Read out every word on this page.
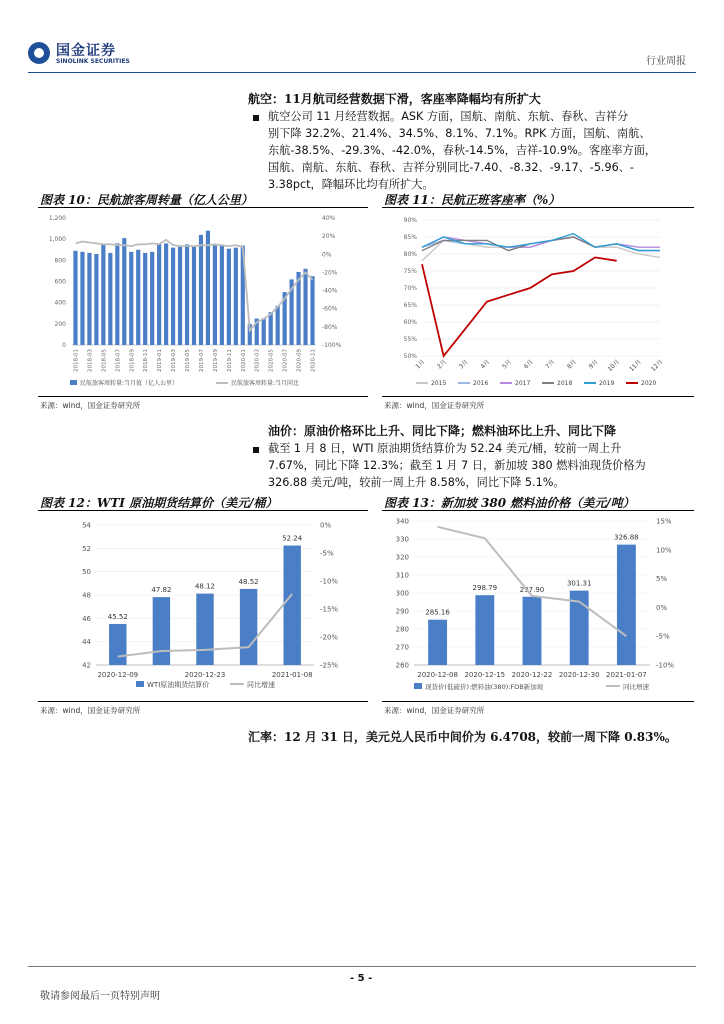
国金证券
SINOLINK SECURITIES	行业周报
航空：11月航司经营数据下滑，客座率降幅均有所扩大
航空公司 11 月经营数据。ASK 方面，国航、南航、东航、春秋、吉祥分
别下降 32.2%、21.4%、34.5%、8.1%、7.1%。RPK 方面，国航、南航、
东航-38.5%、-29.3%、-42.0%，春秋-14.5%，吉祥-10.9%。客座率方面，
国航、南航、东航、春秋、吉祥分别同比-7.40、-8.32、-9.17、-5.96、-
3.38pct，降幅环比均有所扩大。
图表 10：民航旅客周转量（亿人公里）
0
200
400
600
800
1,000
1,200
-100%
-80%
-60%
-40%
-20%
0%
20%
40%
2018-01 2018-03 2018-05 2018-07 2018-09 2018-11 2019-01 2019-03 2019-05 2019-07 2019-09 2019-11 2020-01 2020-03 2020-05 2020-07 2020-09 2020-11
民航旅客周转量:当月值（亿人公里）	民航旅客周转量:当月同比
来源：wind，国金证券研究所
图表 11：民航正班客座率（%）
50%
55%
60%
65%
70%
75%
80%
85%
90%
1月 2月 3月 4月 5月 6月 7月 8月 9月 10月 11月 12月
2015	2016	2017	2018	2019	2020
来源：wind，国金证券研究所
油价：原油价格环比上升、同比下降；燃料油环比上升、同比下降
截至 1 月 8 日，WTI 原油期货结算价为 52.24 美元/桶，较前一周上升
7.67%，同比下降 12.3%；截至 1 月 7 日，新加坡 380 燃料油现货价格为
326.88 美元/吨，较前一周上升 8.58%，同比下降 5.1%。
图表 12：WTI 原油期货结算价（美元/桶）
42
44
46
48
50
52
54
-25%
-20%
-15%
-10%
-5%
0%
45.52
47.82	48.12
48.52
52.24
2020-12-09	2020-12-23	2021-01-08
WTI原油期货结算价	同比增速
来源：wind，国金证券研究所
图表 13：新加坡 380 燃料油价格（美元/吨）
260
270
280
290
300
310
320
330
340
-10%
-5%
0%
5%
10%
15%
285.16
298.79	297.90
301.31
326.88
2020-12-08 2020-12-15 2020-12-22 2020-12-30 2021-01-07
现货价(低硫价):燃料油(380):FOB新加坡	同比增速
来源：wind，国金证券研究所
汇率：12 月 31 日，美元兑人民币中间价为 6.4708，较前一周下降 0.83%。
- 5 -
敬请参阅最后一页特别声明
